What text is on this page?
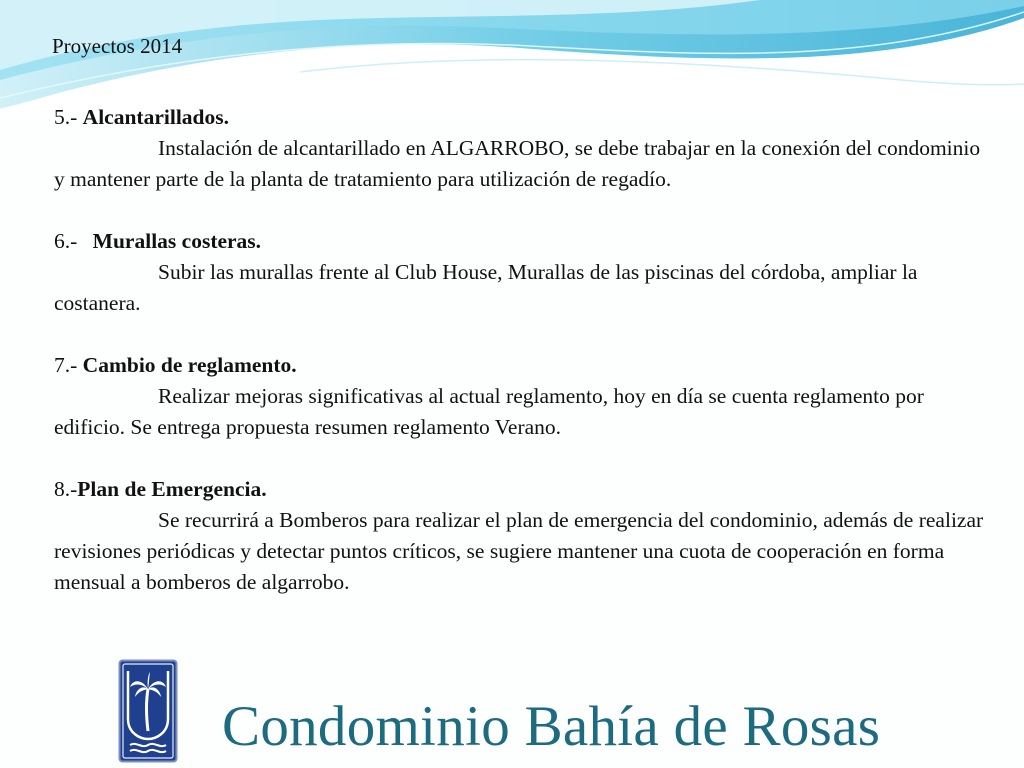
Proyectos 2014
5.- Alcantarillados.
Instalación de alcantarillado en ALGARROBO, se debe trabajar en la conexión del condominio y mantener parte de la planta de tratamiento para utilización de regadío.
6.- Murallas costeras.
Subir las murallas frente al Club House, Murallas de las piscinas del córdoba, ampliar la costanera.
7.- Cambio de reglamento.
Realizar mejoras significativas al actual reglamento, hoy en día se cuenta reglamento por edificio. Se entrega propuesta resumen reglamento Verano.
8.-Plan de Emergencia.
Se recurrirá a Bomberos para realizar el plan de emergencia del condominio, además de realizar revisiones periódicas y detectar puntos críticos, se sugiere mantener una cuota de cooperación en forma mensual a bomberos de algarrobo.
Condominio Bahía de Rosas
